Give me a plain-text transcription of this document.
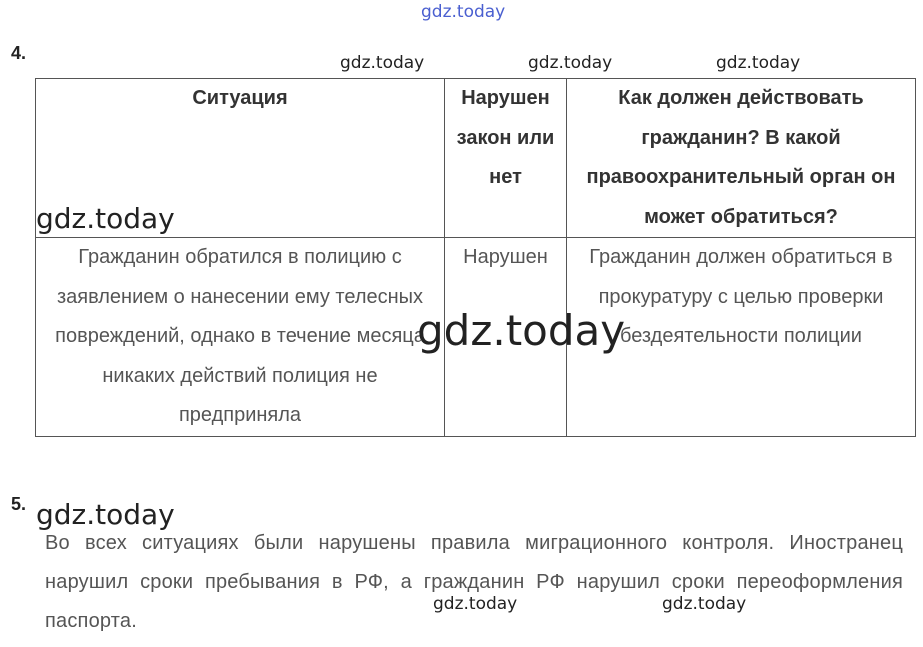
gdz.today
4.	gdz.today	gdz.today	gdz.today
Ситуация	Нарушен закон или нет	Как должен действовать гражданин? В какой правоохранительный орган он может обратиться?
Гражданин обратился в полицию с заявлением о нанесении ему телесных повреждений, однако в течение месяца никаких действий полиция не предприняла	Нарушен	Гражданин должен обратиться в прокуратуру с целью проверки бездеятельности полиции
gdz.today
gdz.today
5. gdz.today
Во всех ситуациях были нарушены правила миграционного контроля. Иностранец нарушил сроки пребывания в РФ, а гражданин РФ нарушил сроки переоформления паспорта.
gdz.today	gdz.today
